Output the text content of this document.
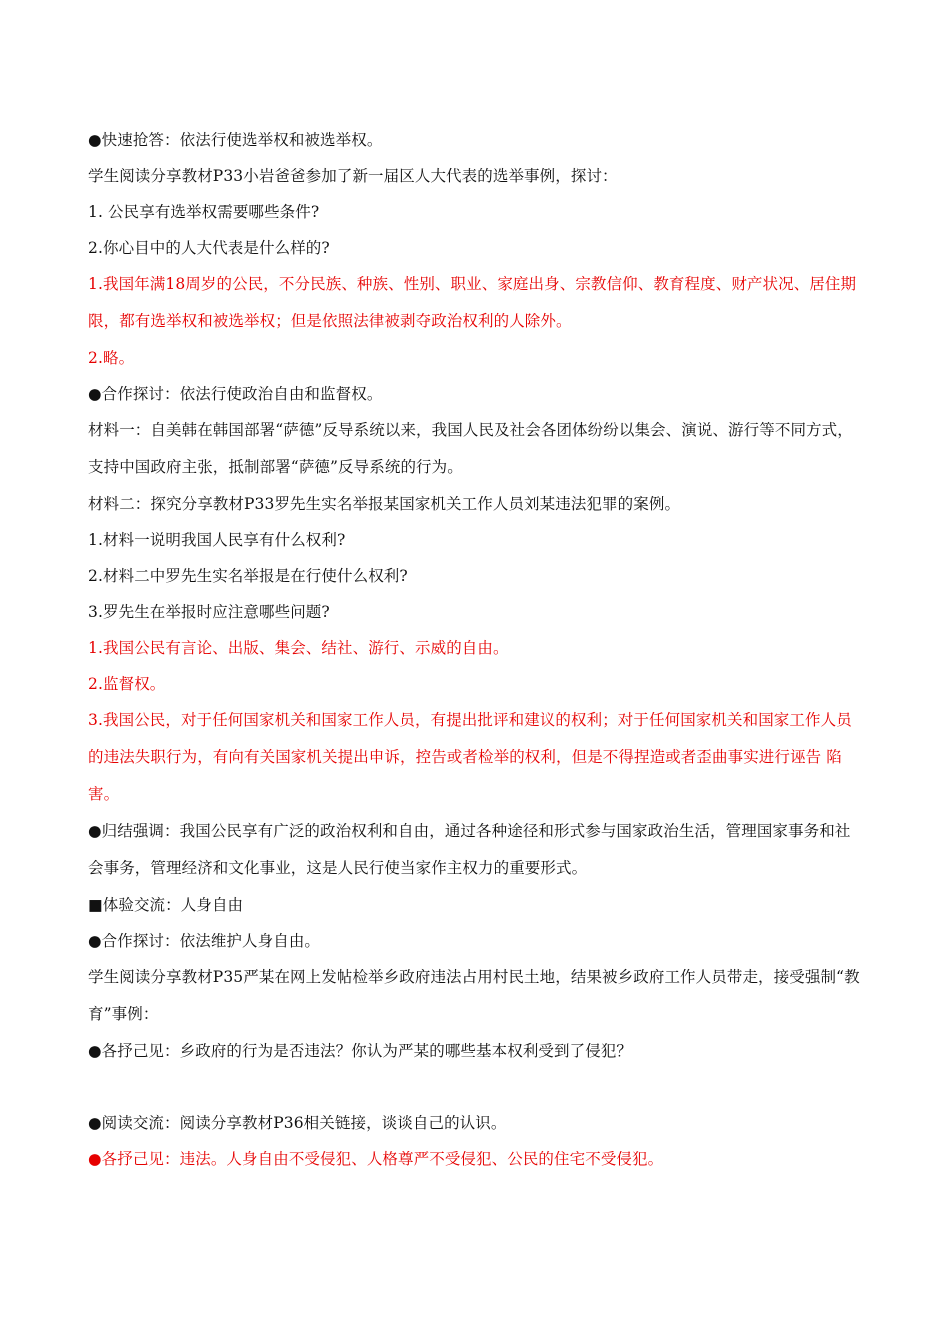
●快速抢答：依法行使选举权和被选举权。
学生阅读分享教材P33小岩爸爸参加了新一届区人大代表的选举事例，探讨：
1. 公民享有选举权需要哪些条件?
2.你心目中的人大代表是什么样的?
1.我国年满18周岁的公民，不分民族、种族、性别、职业、家庭出身、宗教信仰、教育程度、财产状况、居住期限，都有选举权和被选举权；但是依照法律被剥夺政治权利的人除外。
2.略。
●合作探讨：依法行使政治自由和监督权。
材料一：自美韩在韩国部署“萨德”反导系统以来，我国人民及社会各团体纷纷以集会、演说、游行等不同方式，支持中国政府主张，抵制部署“萨德”反导系统的行为。
材料二：探究分享教材P33罗先生实名举报某国家机关工作人员刘某违法犯罪的案例。
1.材料一说明我国人民享有什么权利?
2.材料二中罗先生实名举报是在行使什么权利?
3.罗先生在举报时应注意哪些问题?
1.我国公民有言论、出版、集会、结社、游行、示威的自由。
2.监督权。
3.我国公民，对于任何国家机关和国家工作人员，有提出批评和建议的权利；对于任何国家机关和国家工作人员的违法失职行为，有向有关国家机关提出申诉，控告或者检举的权利，但是不得捏造或者歪曲事实进行诬告 陷害。
●归结强调：我国公民享有广泛的政治权利和自由，通过各种途径和形式参与国家政治生活，管理国家事务和社会事务，管理经济和文化事业，这是人民行使当家作主权力的重要形式。
■体验交流：人身自由
●合作探讨：依法维护人身自由。
学生阅读分享教材P35严某在网上发帖检举乡政府违法占用村民土地，结果被乡政府工作人员带走，接受强制“教育”事例：
●各抒己见：乡政府的行为是否违法？你认为严某的哪些基本权利受到了侵犯？
●阅读交流：阅读分享教材P36相关链接，谈谈自己的认识。
●各抒己见：违法。人身自由不受侵犯、人格尊严不受侵犯、公民的住宅不受侵犯。
